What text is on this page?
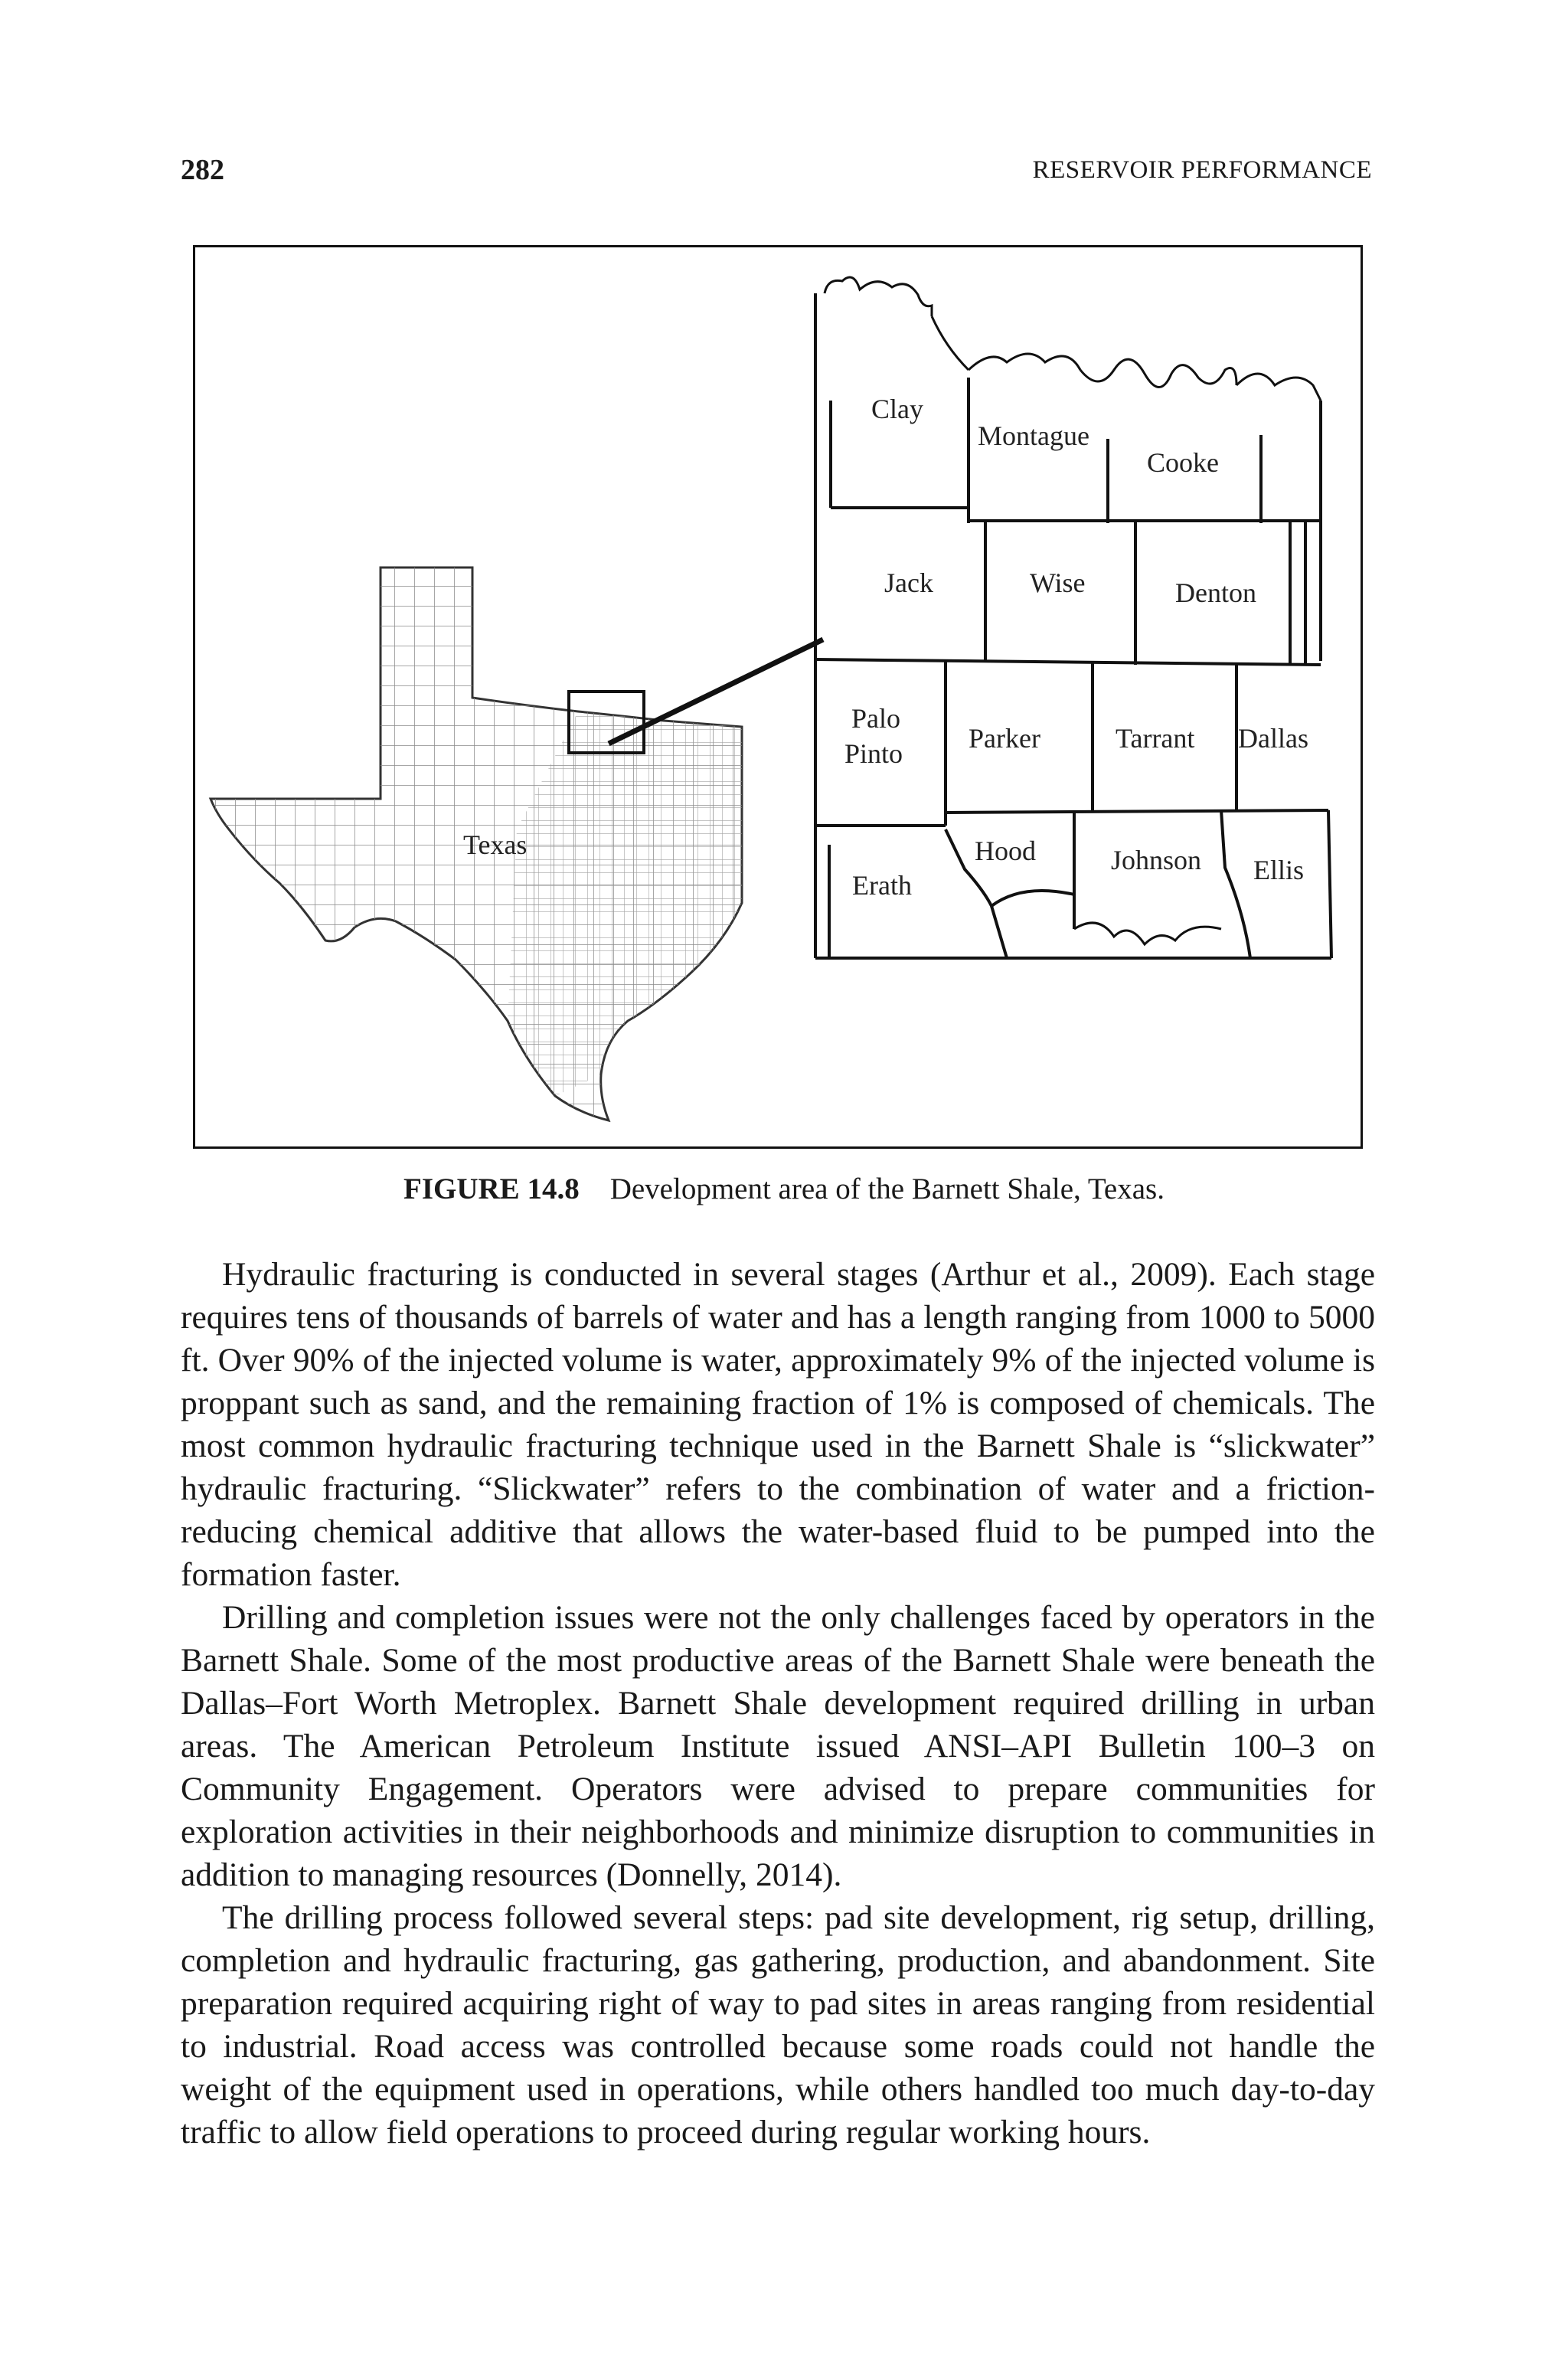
282	RESERVOIR PERFORMANCE
Texas
Clay
Montague
Cooke
Jack	Wise	Denton
Palo
Pinto Parker	Tarrant Dallas
Hood	Johnson Ellis
Erath
FIGURE 14.8 Development area of the Barnett Shale, Texas.

Hydraulic fracturing is conducted in several stages (Arthur et al., 2009). Each stage requires tens of thousands of barrels of water and has a length ranging from 1000 to 5000 ft. Over 90% of the injected volume is water, approximately 9% of the injected volume is proppant such as sand, and the remaining fraction of 1% is composed of chemicals. The most common hydraulic fracturing technique used in the Barnett Shale is “slickwater” hydraulic fracturing. “Slickwater” refers to the combination of water and a friction-reducing chemical additive that allows the water-based fluid to be pumped into the formation faster.

Drilling and completion issues were not the only challenges faced by operators in the Barnett Shale. Some of the most productive areas of the Barnett Shale were beneath the Dallas–Fort Worth Metroplex. Barnett Shale development required drilling in urban areas. The American Petroleum Institute issued ANSI–API Bulletin 100–3 on Community Engagement. Operators were advised to prepare communities for exploration activities in their neighborhoods and minimize disruption to communities in addition to managing resources (Donnelly, 2014).

The drilling process followed several steps: pad site development, rig setup, drilling, completion and hydraulic fracturing, gas gathering, production, and abandonment. Site preparation required acquiring right of way to pad sites in areas ranging from residential to industrial. Road access was controlled because some roads could not handle the weight of the equipment used in operations, while others handled too much day-to-day traffic to allow field operations to proceed during regular working hours.
